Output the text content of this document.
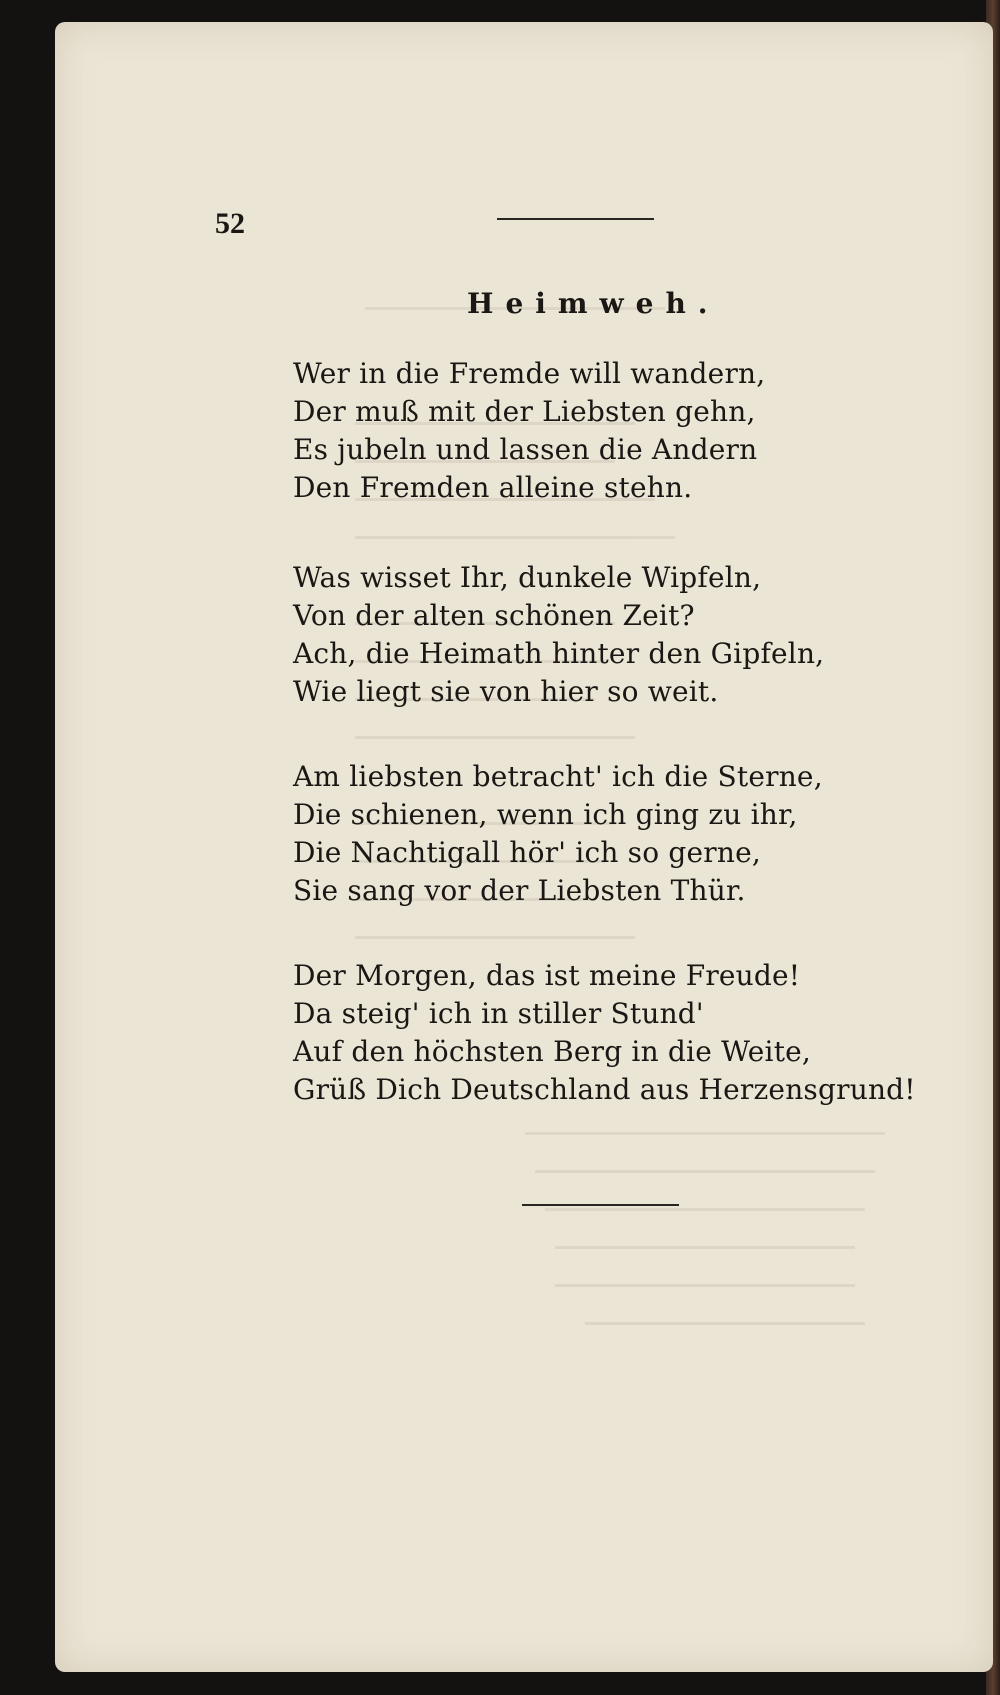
52
Heimweh.
Wer in die Fremde will wandern,
Der muß mit der Liebsten gehn,
Es jubeln und lassen die Andern
Den Fremden alleine stehn.
Was wisset Ihr, dunkele Wipfeln,
Von der alten schönen Zeit?
Ach, die Heimath hinter den Gipfeln,
Wie liegt sie von hier so weit.
Am liebsten betracht' ich die Sterne,
Die schienen, wenn ich ging zu ihr,
Die Nachtigall hör' ich so gerne,
Sie sang vor der Liebsten Thür.
Der Morgen, das ist meine Freude!
Da steig' ich in stiller Stund'
Auf den höchsten Berg in die Weite,
Grüß Dich Deutschland aus Herzensgrund!
